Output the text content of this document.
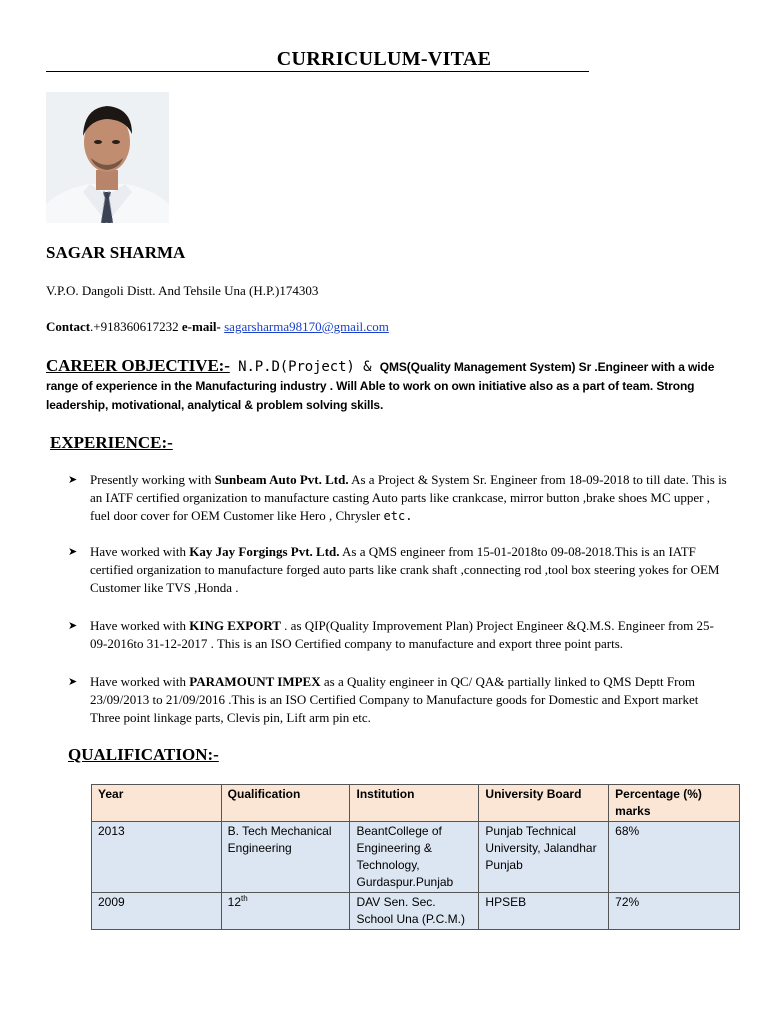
CURRICULUM-VITAE
SAGAR SHARMA
V.P.O. Dangoli Distt. And Tehsile Una (H.P.)174303
Contact.+918360617232 e-mail- sagarsharma98170@gmail.com
CAREER OBJECTIVE:- N.P.D(Project) & QMS(Quality Management System) Sr .Engineer with a wide range of experience in the Manufacturing industry . Will Able to work on own initiative also as a part of team. Strong leadership, motivational, analytical & problem solving skills.
EXPERIENCE:-
➤ Presently working with Sunbeam Auto Pvt. Ltd. As a Project & System Sr. Engineer from 18-09-2018 to till date. This is an IATF certified organization to manufacture casting Auto parts like crankcase, mirror button ,brake shoes MC upper , fuel door cover for OEM Customer like Hero , Chrysler etc.
➤ Have worked with Kay Jay Forgings Pvt. Ltd. As a QMS engineer from 15-01-2018to 09-08-2018.This is an IATF certified organization to manufacture forged auto parts like crank shaft ,connecting rod ,tool box steering yokes for OEM Customer like TVS ,Honda .
➤ Have worked with KING EXPORT . as QIP(Quality Improvement Plan) Project Engineer &Q.M.S. Engineer from 25-09-2016to 31-12-2017 . This is an ISO Certified company to manufacture and export three point parts.
➤ Have worked with PARAMOUNT IMPEX as a Quality engineer in QC/ QA& partially linked to QMS Deptt From 23/09/2013 to 21/09/2016 .This is an ISO Certified Company to Manufacture goods for Domestic and Export market Three point linkage parts, Clevis pin, Lift arm pin etc.
QUALIFICATION:-
Year	Qualification	Institution	University Board	Percentage (%) marks
2013	B. Tech Mechanical Engineering	BeantCollege of Engineering & Technology, Gurdaspur.Punjab	Punjab Technical University, Jalandhar Punjab	68%
2009	12th	DAV Sen. Sec. School Una (P.C.M.)	HPSEB	72%
